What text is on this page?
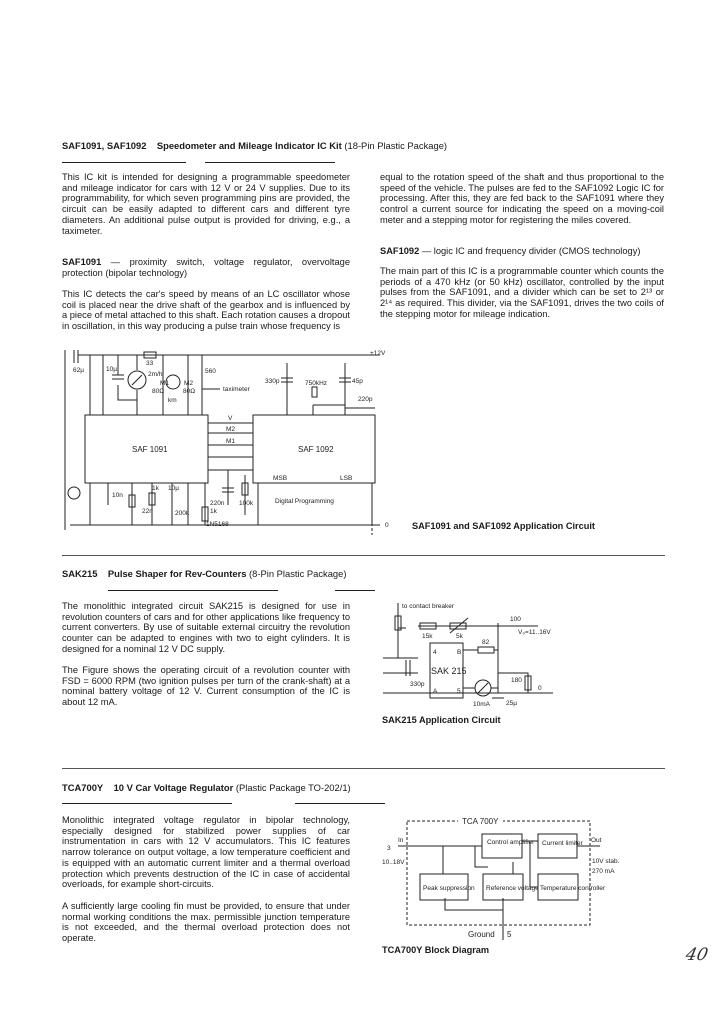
SAF1091, SAF1092 Speedometer and Mileage Indicator IC Kit (18-Pin Plastic Package)
This IC kit is intended for designing a programmable speedometer and mileage indicator for cars with 12 V or 24 V supplies. Due to its programmability, for which seven programming pins are provided, the circuit can be easily adapted to different cars and different tyre diameters. An additional pulse output is provided for driving, e.g., a taximeter.
SAF1091 — proximity switch, voltage regulator, overvoltage protection (bipolar technology)
This IC detects the car's speed by means of an LC oscillator whose coil is placed near the drive shaft of the gearbox and is influenced by a piece of metal attached to this shaft. Each rotation causes a dropout in oscillation, in this way producing a pulse train whose frequency is
equal to the rotation speed of the shaft and thus proportional to the speed of the vehicle. The pulses are fed to the SAF1092 Logic IC for processing. After this, they are fed back to the SAF1091 where they control a current source for indicating the speed on a moving-coil meter and a stepping motor for registering the miles covered.
SAF1092 — logic IC and frequency divider (CMOS technology)
The main part of this IC is a programmable counter which counts the periods of a 470 kHz (or 50 kHz) oscillator, controlled by the input pulses from the SAF1091, and a divider which can be set to 2¹³ or 2¹⁴ as required. This divider, via the SAF1091, drives the two coils of the stepping motor for mileage indication.
SAF 1091	SAF 1092
V
M2
M1
62µ	10µ
33
2m/h
M1
80Ω
km
M2
80Ω
560
taximeter
+12V
330p	750kHz	45p
220p
10n
22n
1k 10µ
200k	1k
1N5168
220n 100k
MSB	LSB
Digital Programming
0	SAF1091 and SAF1092 Application Circuit
SAK215 Pulse Shaper for Rev-Counters (8-Pin Plastic Package)
The monolithic integrated circuit SAK215 is designed for use in revolution counters of cars and for other applications like frequency to current converters. By use of suitable external circuitry the revolution counter can be adapted to engines with two to eight cylinders. It is designed for a nominal 12 V DC supply.
The Figure shows the operating circuit of a revolution counter with FSD = 6000 RPM (two ignition pulses per turn of the crank-shaft) at a nominal battery voltage of 12 V. Current consumption of the IC is about 12 mA.
to contact breaker
15k	5k
100
V₀=11..16V
SAK 215
4	B
A	5
82
330p
10mA
180
25µ
0
SAK215 Application Circuit
TCA700Y 10 V Car Voltage Regulator (Plastic Package TO-202/1)
Monolithic integrated voltage regulator in bipolar technology, especially designed for stabilized power supplies of car instrumentation in cars with 12 V accumulators. This IC features narrow tolerance on output voltage, a low temperature coefficient and is equipped with an automatic current limiter and a thermal overload protection which prevents destruction of the IC in case of accidental overloads, for example short-circuits.
A sufficiently large cooling fin must be provided, to ensure that under normal working conditions the max. permissible junction temperature is not exceeded, and the thermal overload protection does not operate.
TCA 700Y
In
3
10..18V
Control amplifier Current limiter
Peak suppression Reference voltage Temperature controller
Out
10V stab.
270 mA
Ground 5
TCA700Y Block Diagram	40
